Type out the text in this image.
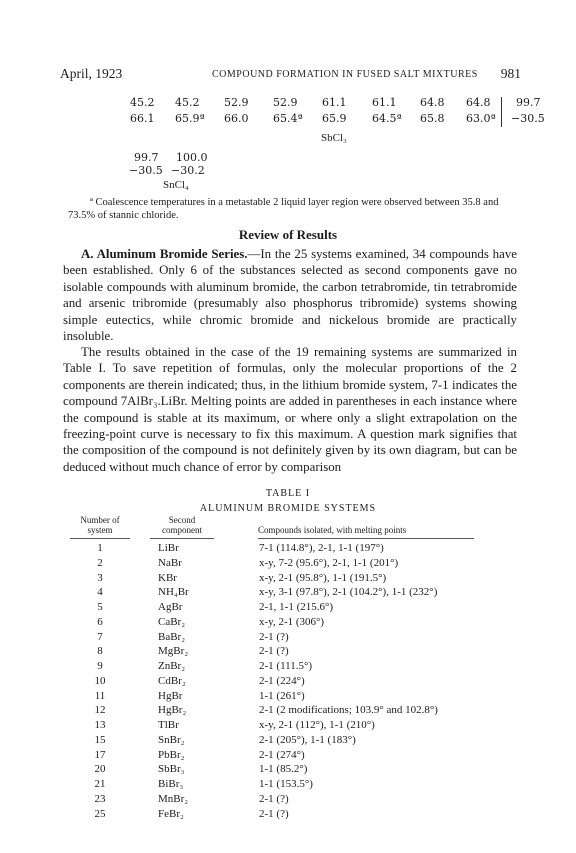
April, 1923	COMPOUND FORMATION IN FUSED SALT MIXTURES 981
45.2 45.2 52.9 52.9 61.1 61.1 64.8 64.8 99.7
66.1 65.9ª 66.0 65.4ª 65.9 64.5ª 65.8 63.0ª −30.5
SbCl₃
99.7 100.0
−30.5 −30.2
SnCl₄
ª Coalescence temperatures in a metastable 2 liquid layer region were observed between 35.8 and 73.5% of stannic chloride.
Review of Results

A. Aluminum Bromide Series.—In the 25 systems examined, 34 compounds have been established. Only 6 of the substances selected as second components gave no isolable compounds with aluminum bromide, the carbon tetrabromide, tin tetrabromide and arsenic tribromide (presumably also phosphorus tribromide) systems showing simple eutectics, while chromic bromide and nickelous bromide are practically insoluble.

The results obtained in the case of the 19 remaining systems are summarized in Table I. To save repetition of formulas, only the molecular proportions of the 2 components are therein indicated; thus, in the lithium bromide system, 7-1 indicates the compound 7AlBr₃.LiBr. Melting points are added in parentheses in each instance where the compound is stable at its maximum, or where only a slight extrapolation on the freezing-point curve is necessary to fix this maximum. A question mark signifies that the composition of the compound is not definitely given by its own diagram, but can be deduced without much chance of error by comparison

TABLE I
ALUMINUM BROMIDE SYSTEMS
Number of
system
Second
component	Compounds isolated, with melting points
1	LiBr	7-1 (114.8°), 2-1, 1-1 (197°)
2	NaBr	x-y, 7-2 (95.6°), 2-1, 1-1 (201°)
3	KBr	x-y, 2-1 (95.8°), 1-1 (191.5°)
4	NH₄Br	x-y, 3-1 (97.8°), 2-1 (104.2°), 1-1 (232°)
5	AgBr	2-1, 1-1 (215.6°)
6	CaBr₂	x-y, 2-1 (306°)
7	BaBr₂	2-1 (?)
8	MgBr₂	2-1 (?)
9	ZnBr₂	2-1 (111.5°)
10	CdBr₂	2-1 (224°)
11	HgBr	1-1 (261°)
12	HgBr₂	2-1 (2 modifications; 103.9° and 102.8°)
13	TlBr	x-y, 2-1 (112°), 1-1 (210°)
15	SnBr₂	2-1 (205°), 1-1 (183°)
17	PbBr₂	2-1 (274°)
20	SbBr₃	1-1 (85.2°)
21	BiBr₃	1-1 (153.5°)
23	MnBr₂	2-1 (?)
25	FeBr₂	2-1 (?)
